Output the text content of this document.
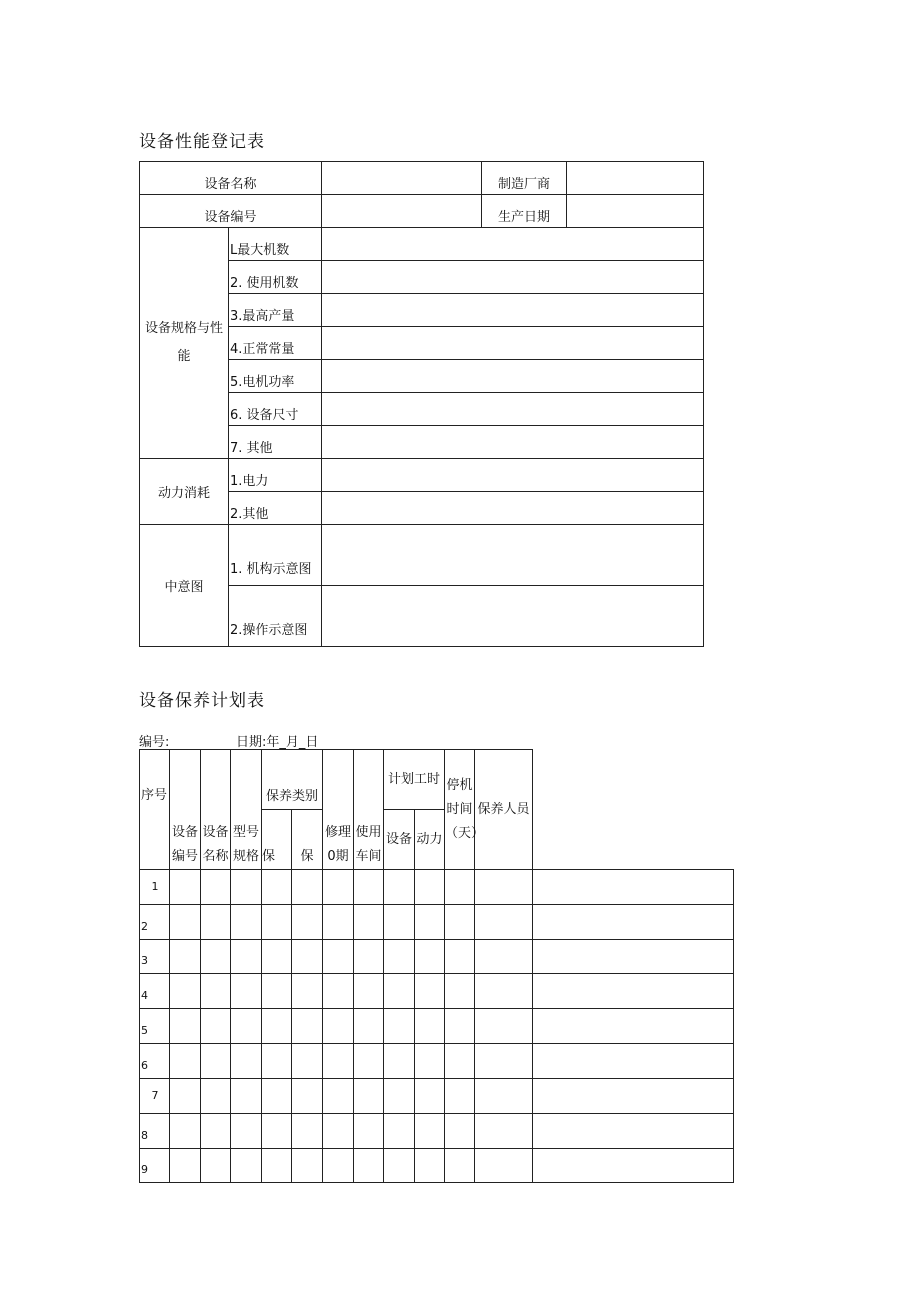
设备性能登记表
设备名称			制造厂商	
设备编号			生产日期	
设备规格与性能	L最大机数			
	2. 使用机数			
	3.最高产量			
	4.正常常量			
	5.电机功率			
	6. 设备尺寸			
	7. 其他			
动力消耗	1.电力			
	2.其他			
中意图	1. 机构示意图			
	2.操作示意图			
设备保养计划表
编号:	日期:年_月_日
序号	设备编号	设备名称	型号规格	保养类别		修理0期	使用车间	计划工时		停机时间（天）	保养人员	
				保	保			设备	动力			
1												
2												
3												
4												
5												
6												
7												
8												
9												
